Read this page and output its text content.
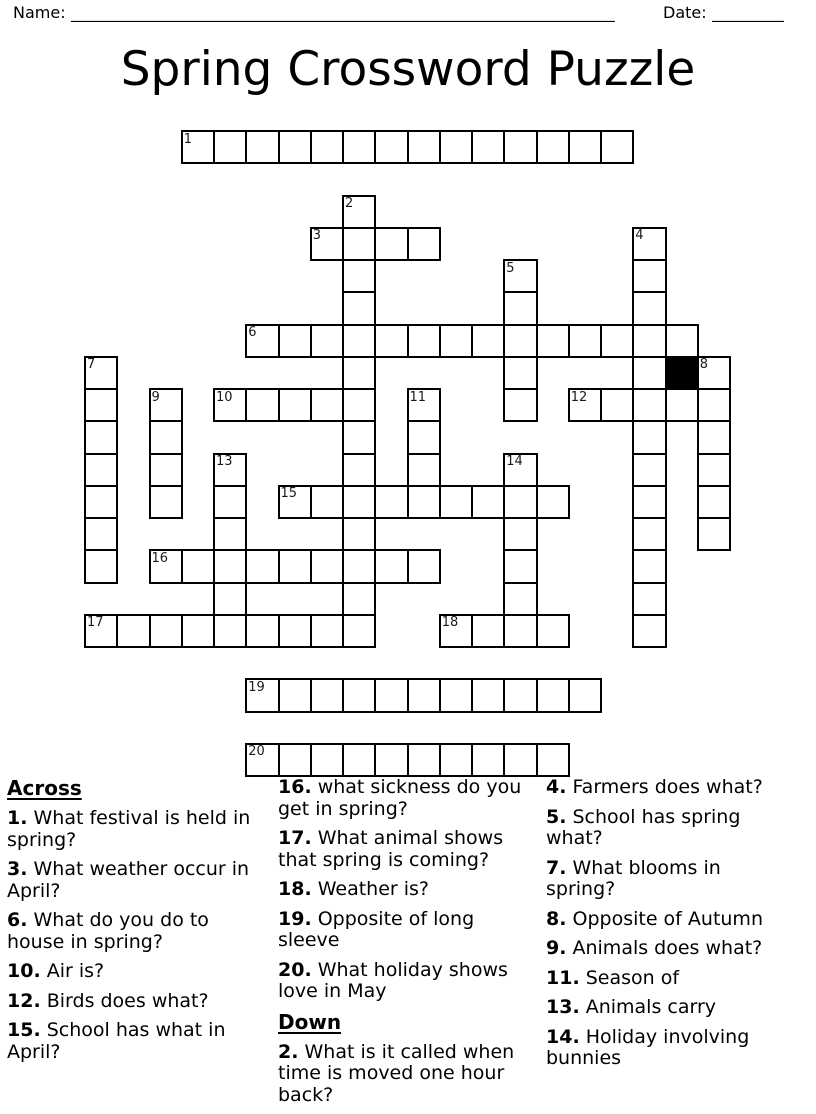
Name: ____________________________________________________________________	Date: _________
Spring Crossword Puzzle
1
2
3	4
5
6
7	8
9	10	11	12
13	14
15
16
17	18
19
20
Across
1. What festival is held in spring?
3. What weather occur in April?
6. What do you do to house in spring?
10. Air is?
12. Birds does what?
15. School has what in April?
16. what sickness do you get in spring?
17. What animal shows that spring is coming?
18. Weather is?
19. Opposite of long sleeve
20. What holiday shows love in May
Down
2. What is it called when time is moved one hour back?
4. Farmers does what?
5. School has spring what?
7. What blooms in spring?
8. Opposite of Autumn
9. Animals does what?
11. Season of
13. Animals carry
14. Holiday involving bunnies
